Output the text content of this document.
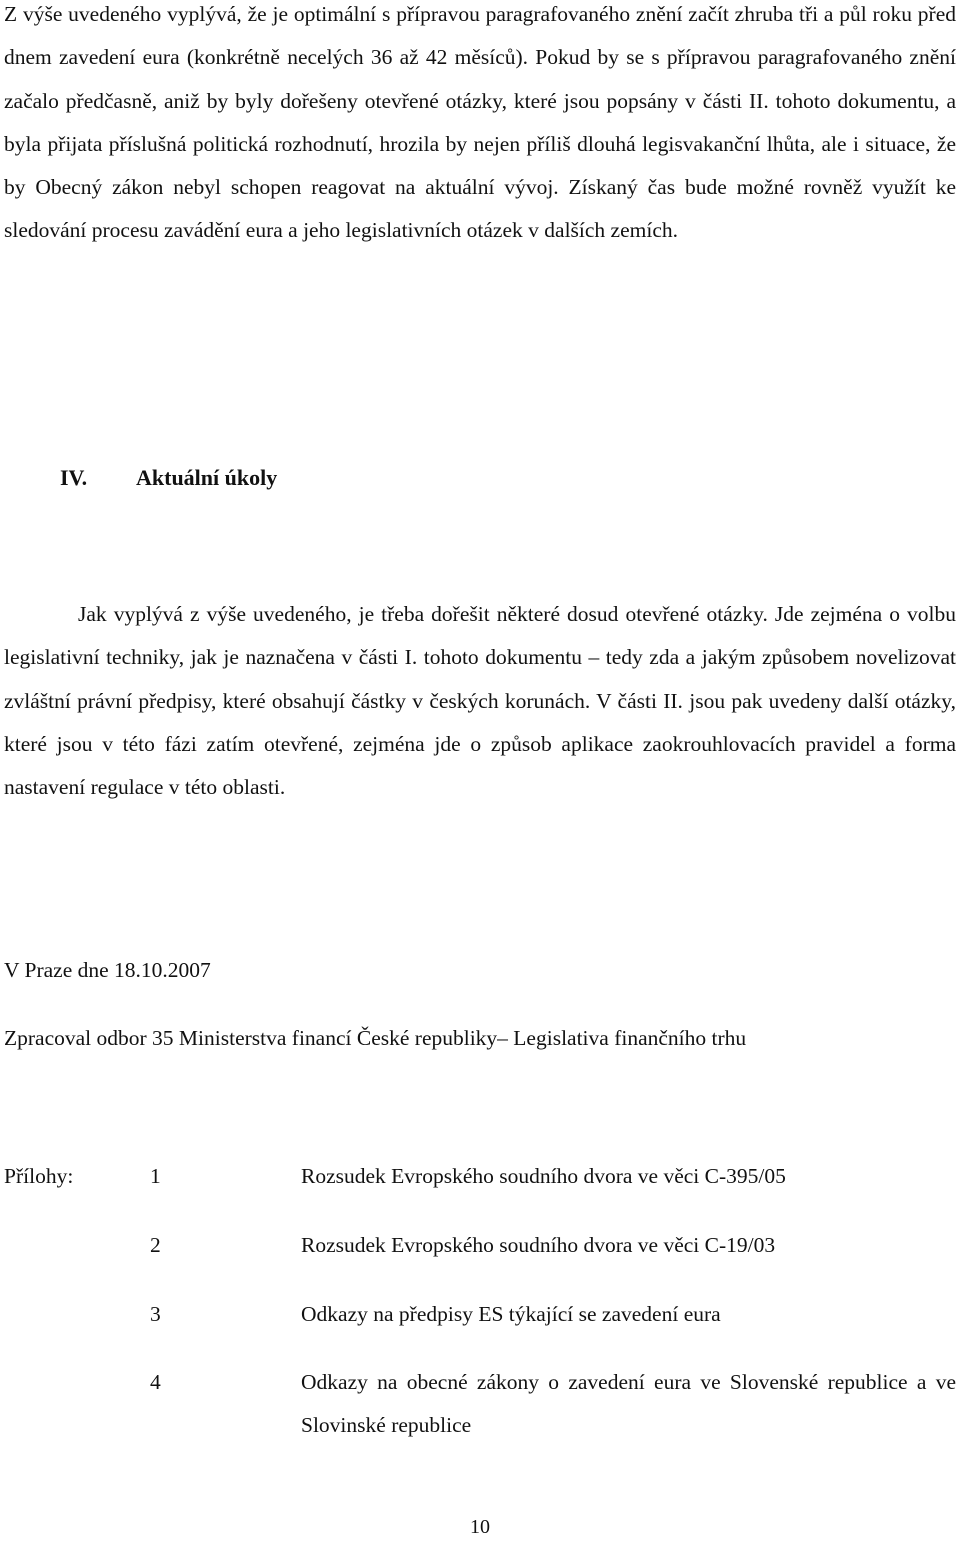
Z výše uvedeného vyplývá, že je optimální s přípravou paragrafovaného znění začít zhruba tři a půl roku před dnem zavedení eura (konkrétně necelých 36 až 42 měsíců). Pokud by se s přípravou paragrafovaného znění začalo předčasně, aniž by byly dořešeny otevřené otázky, které jsou popsány v části II. tohoto dokumentu, a byla přijata příslušná politická rozhodnutí, hrozila by nejen příliš dlouhá legisvakanční lhůta, ale i situace, že by Obecný zákon nebyl schopen reagovat na aktuální vývoj. Získaný čas bude možné rovněž využít ke sledování procesu zavádění eura a jeho legislativních otázek v dalších zemích.

IV. Aktuální úkoly

Jak vyplývá z výše uvedeného, je třeba dořešit některé dosud otevřené otázky. Jde zejména o volbu legislativní techniky, jak je naznačena v části I. tohoto dokumentu – tedy zda a jakým způsobem novelizovat zvláštní právní předpisy, které obsahují částky v českých korunách. V části II. jsou pak uvedeny další otázky, které jsou v této fázi zatím otevřené, zejména jde o způsob aplikace zaokrouhlovacích pravidel a forma nastavení regulace v této oblasti.

V Praze dne 18.10.2007
Zpracoval odbor 35 Ministerstva financí České republiky– Legislativa finančního trhu
Přílohy:	1	Rozsudek Evropského soudního dvora ve věci C-395/05
2	Rozsudek Evropského soudního dvora ve věci C-19/03
3	Odkazy na předpisy ES týkající se zavedení eura
4	Odkazy na obecné zákony o zavedení eura ve Slovenské republice a ve Slovinské republice
10
